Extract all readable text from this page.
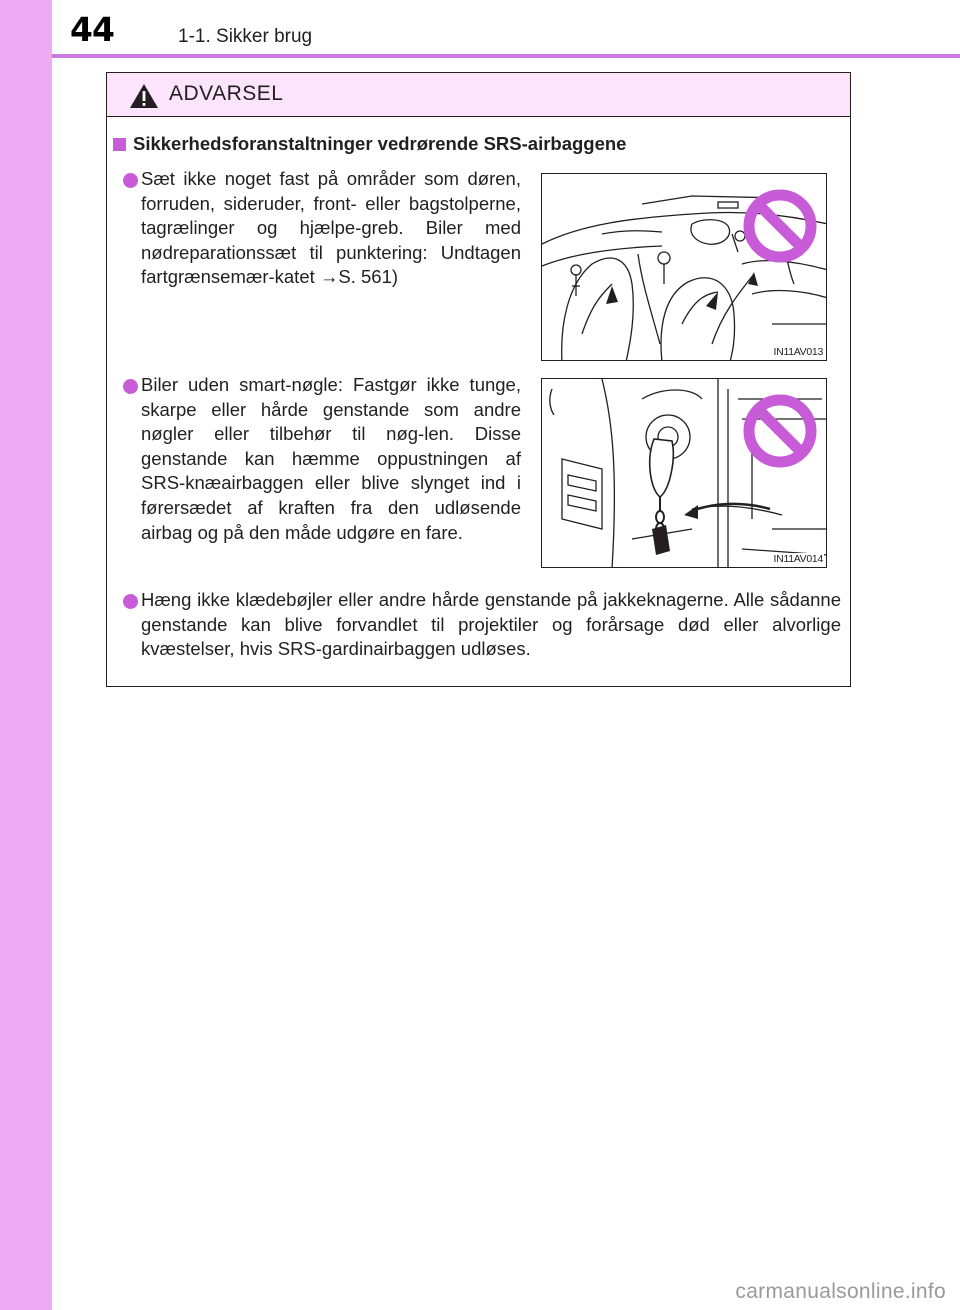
44	1-1. Sikker brug
ADVARSEL
Sikkerhedsforanstaltninger vedrørende SRS-airbaggene
Sæt ikke noget fast på områder som døren, forruden, sideruder, front- eller bagstolperne, tagrælinger og hjælpe-greb. Biler med nødreparationssæt til punktering: Undtagen fartgrænsemær-katet →S. 561)
IN11AV013
Biler uden smart-nøgle: Fastgør ikke tunge, skarpe eller hårde genstande som andre nøgler eller tilbehør til nøg-len. Disse genstande kan hæmme oppustningen af SRS-knæairbaggen eller blive slynget ind i førersædet af kraften fra den udløsende airbag og på den måde udgøre en fare.
IN11AV014
Hæng ikke klædebøjler eller andre hårde genstande på jakkeknagerne. Alle sådanne genstande kan blive forvandlet til projektiler og forårsage død eller alvorlige kvæstelser, hvis SRS-gardinairbaggen udløses.
carmanualsonline.info
